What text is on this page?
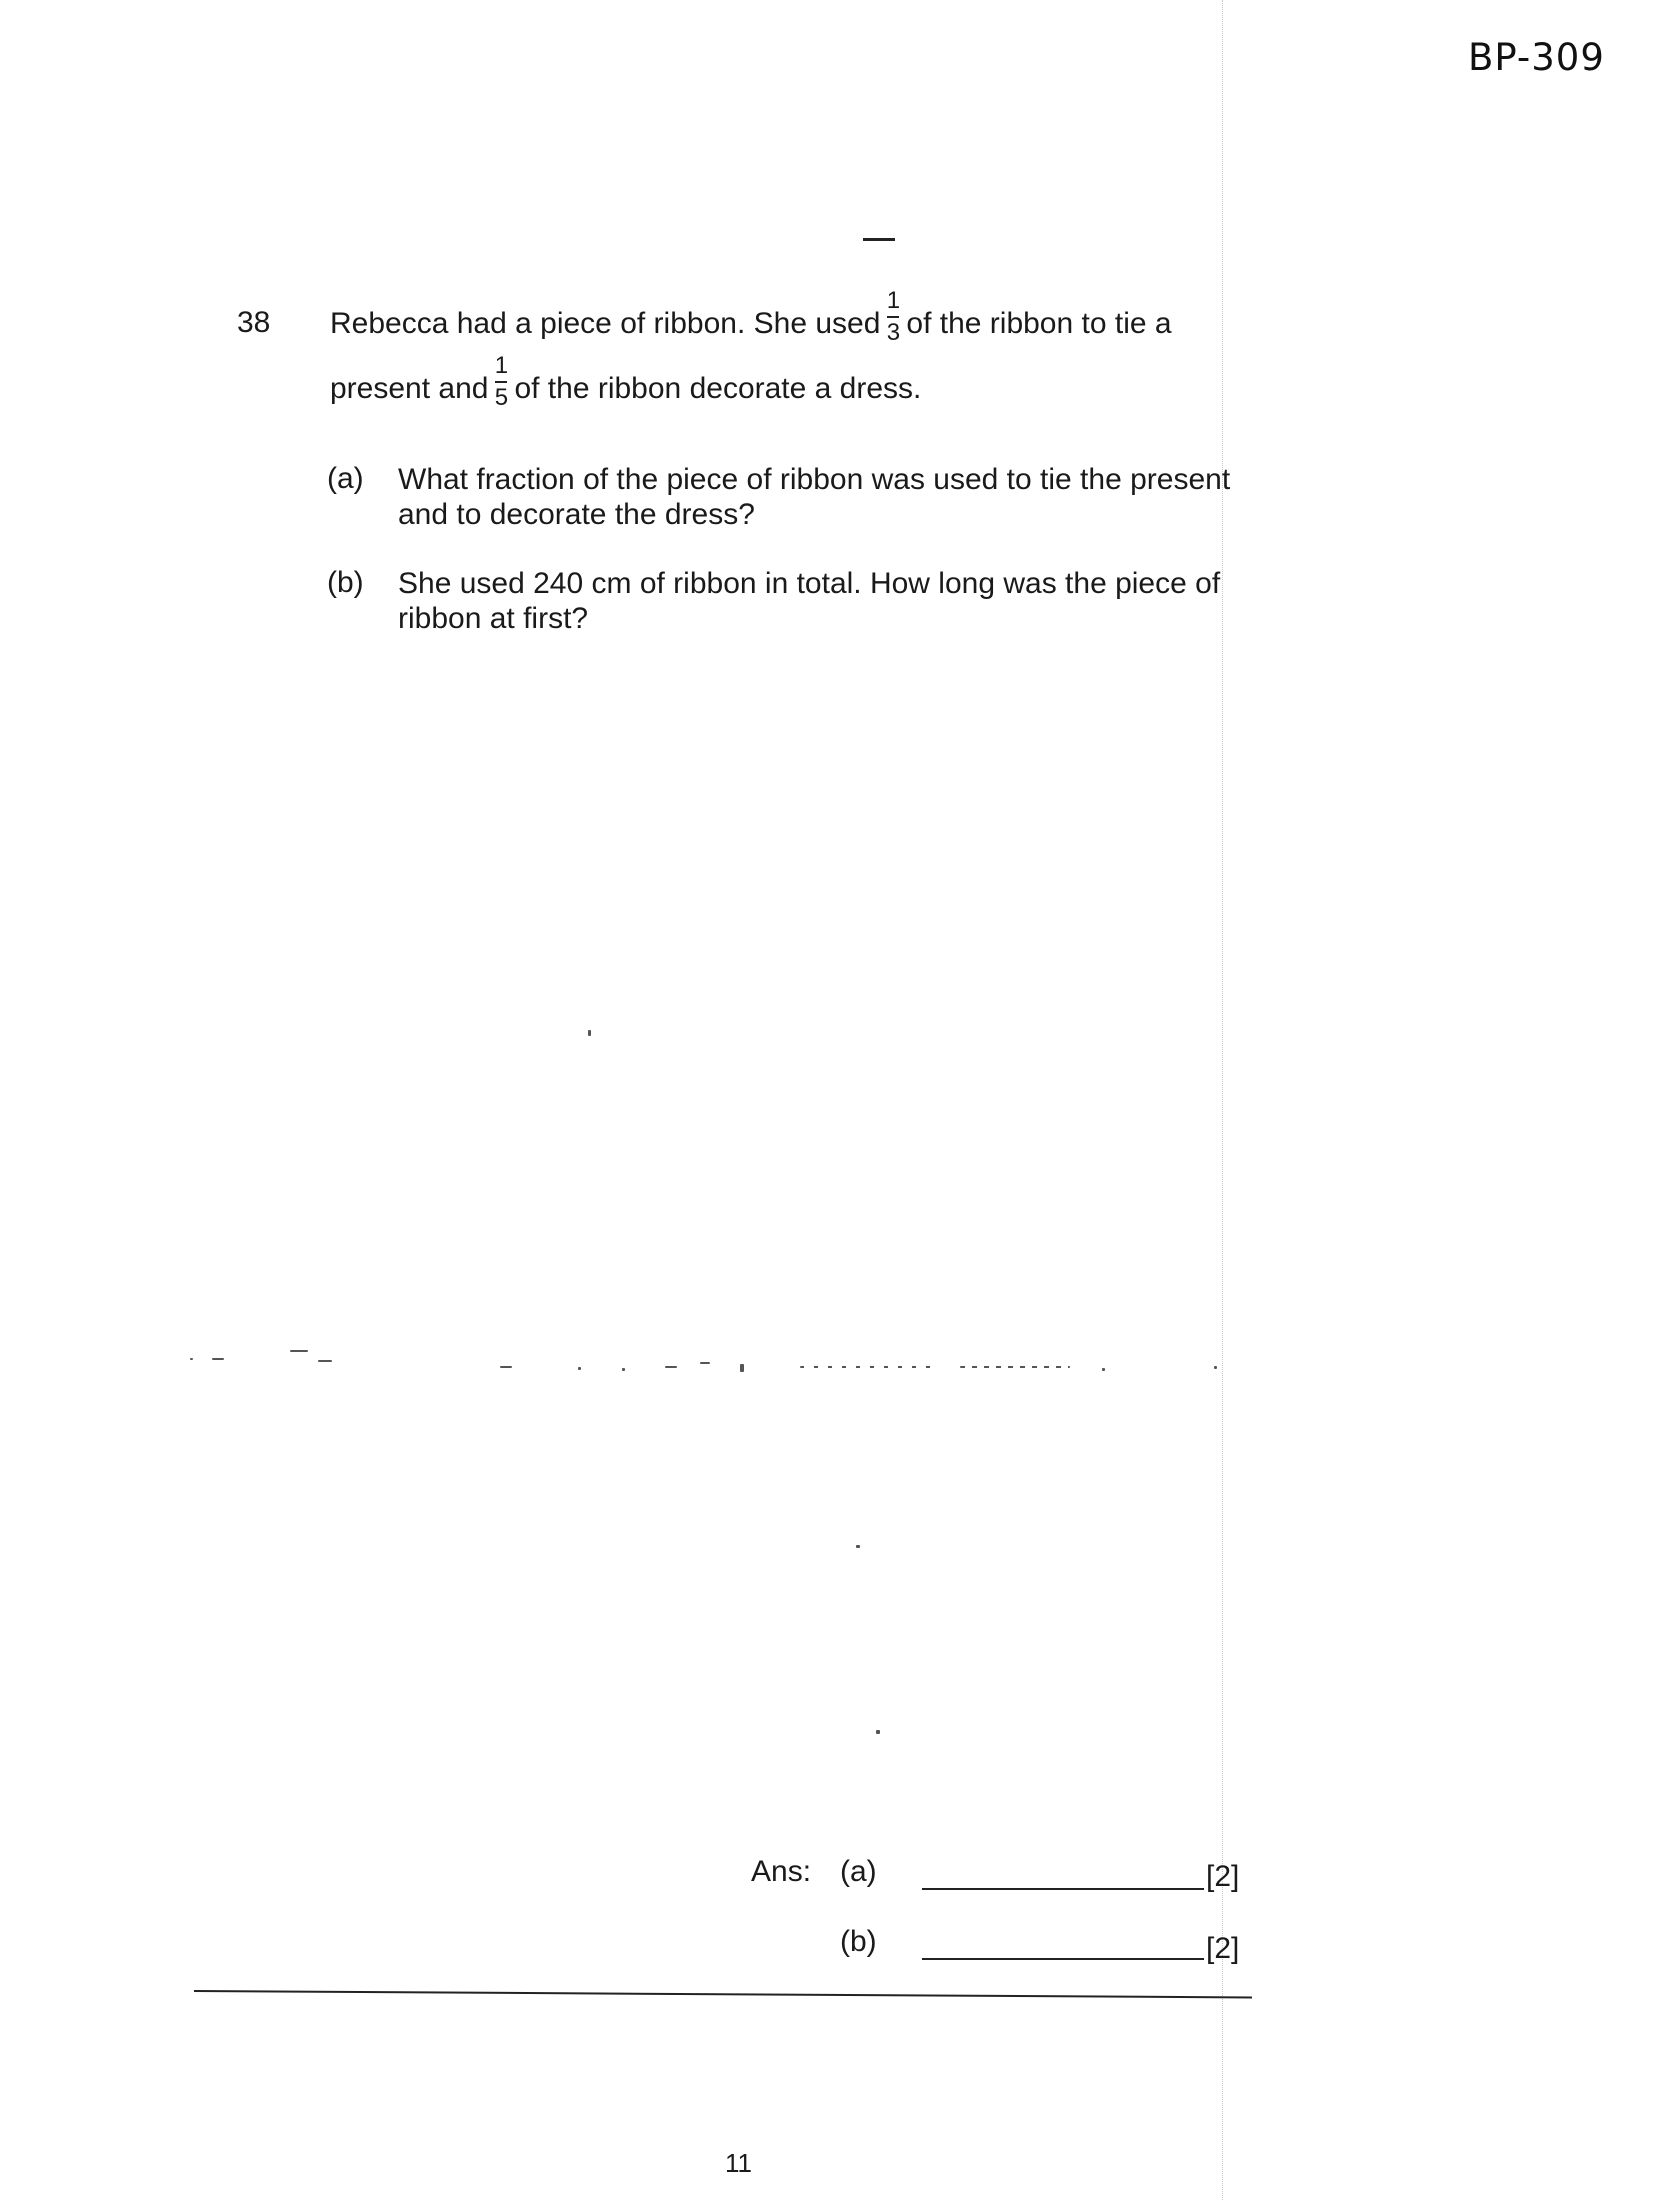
BP-309
38 Rebecca had a piece of ribbon. She used $\frac{1}{3}$ of the ribbon to tie a
present and $\frac{1}{5}$ of the ribbon decorate a dress.
(a) What fraction of the piece of ribbon was used to tie the present and to decorate the dress?
(b) She used 240 cm of ribbon in total. How long was the piece of ribbon at first?
Ans: (a)	[2]
(b)	[2]
11
